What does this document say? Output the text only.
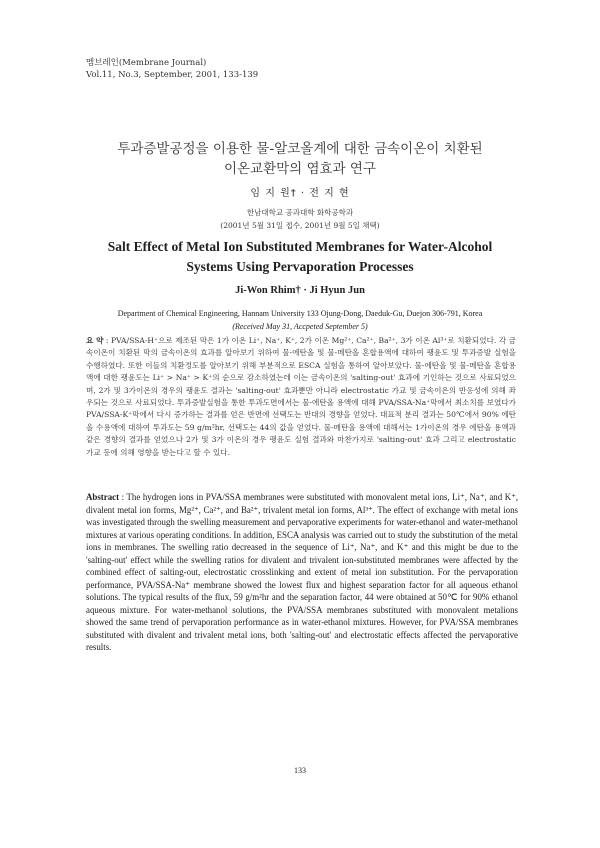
멤브레인(Membrane Journal)
Vol.11, No.3, September, 2001, 133-139
투과증발공정을 이용한 물-알코올계에 대한 금속이온이 치환된
이온교환막의 염효과 연구
임 지 원† · 전 지 현
한남대학교 공과대학 화학공학과
(2001년 5월 31일 접수, 2001년 9월 5일 채택)
Salt Effect of Metal Ion Substituted Membranes for Water-Alcohol
Systems Using Pervaporation Processes
Ji-Won Rhim† · Ji Hyun Jun
Department of Chemical Engineering, Hannam University 133 Ojung-Dong, Daeduk-Gu, Duejon 306-791, Korea
(Received May 31, Accpeted September 5)
요 약 : PVA/SSA-H⁺으로 제조된 막은 1가 이온 Li⁺, Na⁺, K⁺, 2가 이온 Mg²⁺, Ca²⁺, Ba²⁺, 3가 이온 Al³⁺로 치환되었다. 각 금속이온이 치환된 막의 금속이온의 효과를 알아보기 위하여 물-에탄올 및 물-메탄올 혼합용액에 대하여 팽윤도 및 투과증발 실험을 수행하였다. 또한 이들의 치환정도를 알아보기 위해 부분적으로 ESCA 실험을 통하여 알아보았다. 물-에탄올 및 물-메탄올 혼합용액에 대한 팽윤도는 Li⁺ > Na⁺ > K⁺의 순으로 감소하였는데 이는 금속이온의 'salting-out' 효과에 기인하는 것으로 사료되었으며, 2가 및 3가이온의 경우의 팽윤도 결과는 'salting-out' 효과뿐만 아니라 electrostatic 가교 및 금속이온의 반응성에 의해 좌우되는 것으로 사료되었다. 투과증발실험을 통한 투과도면에서는 물-에탄올 용액에 대해 PVA/SSA-Na⁺막에서 최소치를 보였다가 PVA/SSA-K⁺막에서 다시 증가하는 결과를 얻은 반면에 선택도는 반대의 경향을 얻었다. 대표적 분리 결과는 50℃에서 90% 에탄올 수용액에 대하여 투과도는 59 g/m²hr, 선택도는 44의 값을 얻었다. 물-메탄올 용액에 대해서는 1가이온의 경우 에탄올 용액과 같은 경향의 결과를 얻었으나 2가 및 3가 이온의 경우 팽윤도 실험 결과와 마찬가지로 'salting-out' 효과 그리고 electrostatic 가교 등에 의해 영향을 받는다고 할 수 있다.
Abstract : The hydrogen ions in PVA/SSA membranes were substituted with monovalent metal ions, Li⁺, Na⁺, and K⁺, divalent metal ion forms, Mg²⁺, Ca²⁺, and Ba²⁺, trivalent metal ion forms, Al³⁺. The effect of exchange with metal ions was investigated through the swelling measurement and pervaporative experiments for water-ethanol and water-methanol mixtures at various operating conditions. In addition, ESCA analysis was carried out to study the substitution of the metal ions in membranes. The swelling ratio decreased in the sequence of Li⁺, Na⁺, and K⁺ and this might be due to the 'salting-out' effect while the swelling ratios for divalent and trivalent ion-substituted membranes were affected by the combined effect of salting-out, electrostatic crosslinking and extent of metal ion substitution. For the pervaporation performance, PVA/SSA-Na⁺ membrane showed the lowest flux and highest separation factor for all aqueous ethanol solutions. The typical results of the flux, 59 g/m²hr and the separation factor, 44 were obtained at 50℃ for 90% ethanol aqueous mixture. For water-methanol solutions, the PVA/SSA membranes substituted with monovalent metalions showed the same trend of pervaporation performance as in water-ethanol mixtures. However, for PVA/SSA membranes substituted with divalent and trivalent metal ions, both 'salting-out' and electrostatic effects affected the pervaporative results.
133
